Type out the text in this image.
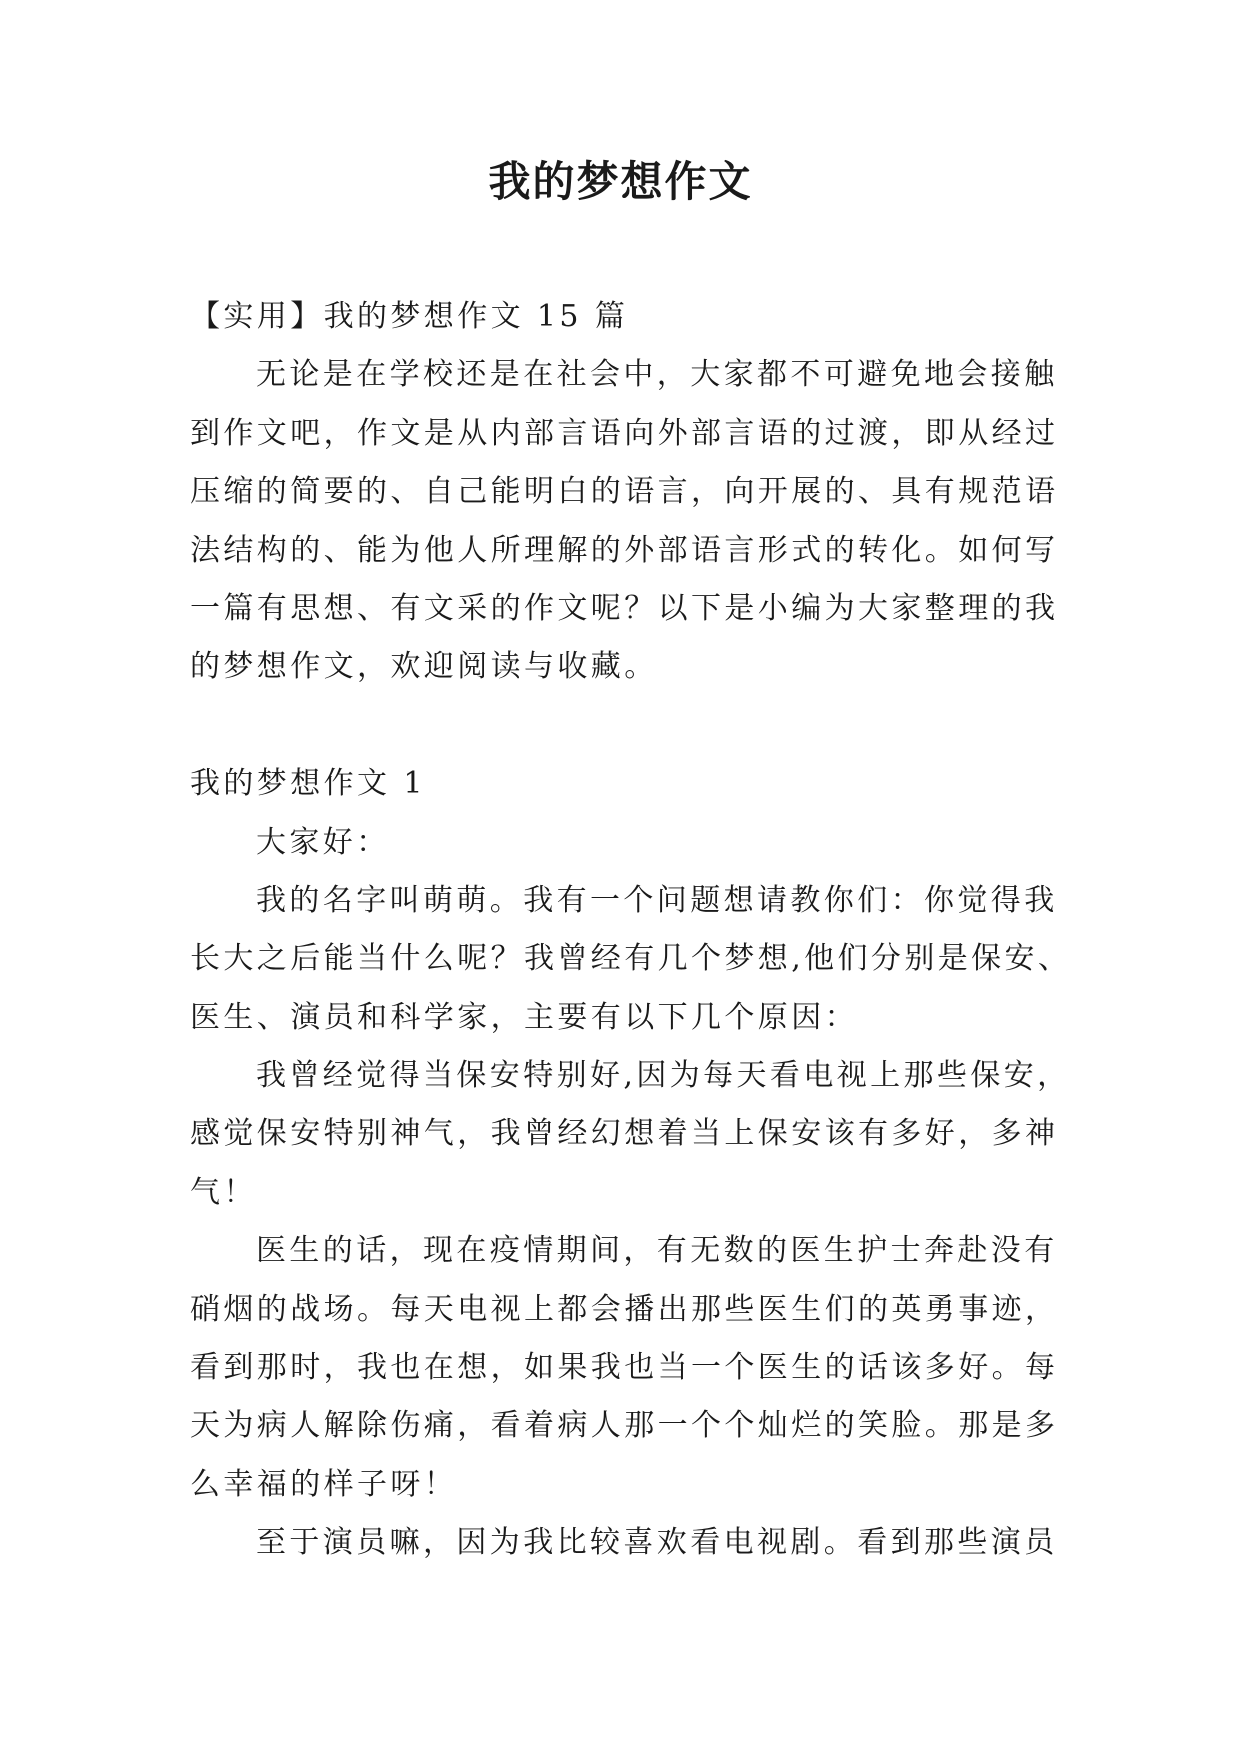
我的梦想作文
【实用】我的梦想作文 15 篇
无论是在学校还是在社会中，大家都不可避免地会接触
到作文吧，作文是从内部言语向外部言语的过渡，即从经过
压缩的简要的、自己能明白的语言，向开展的、具有规范语
法结构的、能为他人所理解的外部语言形式的转化。如何写
一篇有思想、有文采的作文呢？以下是小编为大家整理的我
的梦想作文，欢迎阅读与收藏。
我的梦想作文 1
大家好：
我的名字叫萌萌。我有一个问题想请教你们：你觉得我
长大之后能当什么呢？我曾经有几个梦想,他们分别是保安、
医生、演员和科学家，主要有以下几个原因：
我曾经觉得当保安特别好,因为每天看电视上那些保安，
感觉保安特别神气，我曾经幻想着当上保安该有多好，多神
气！
医生的话，现在疫情期间，有无数的医生护士奔赴没有
硝烟的战场。每天电视上都会播出那些医生们的英勇事迹，
看到那时，我也在想，如果我也当一个医生的话该多好。每
天为病人解除伤痛，看着病人那一个个灿烂的笑脸。那是多
么幸福的样子呀！
至于演员嘛，因为我比较喜欢看电视剧。看到那些演员
